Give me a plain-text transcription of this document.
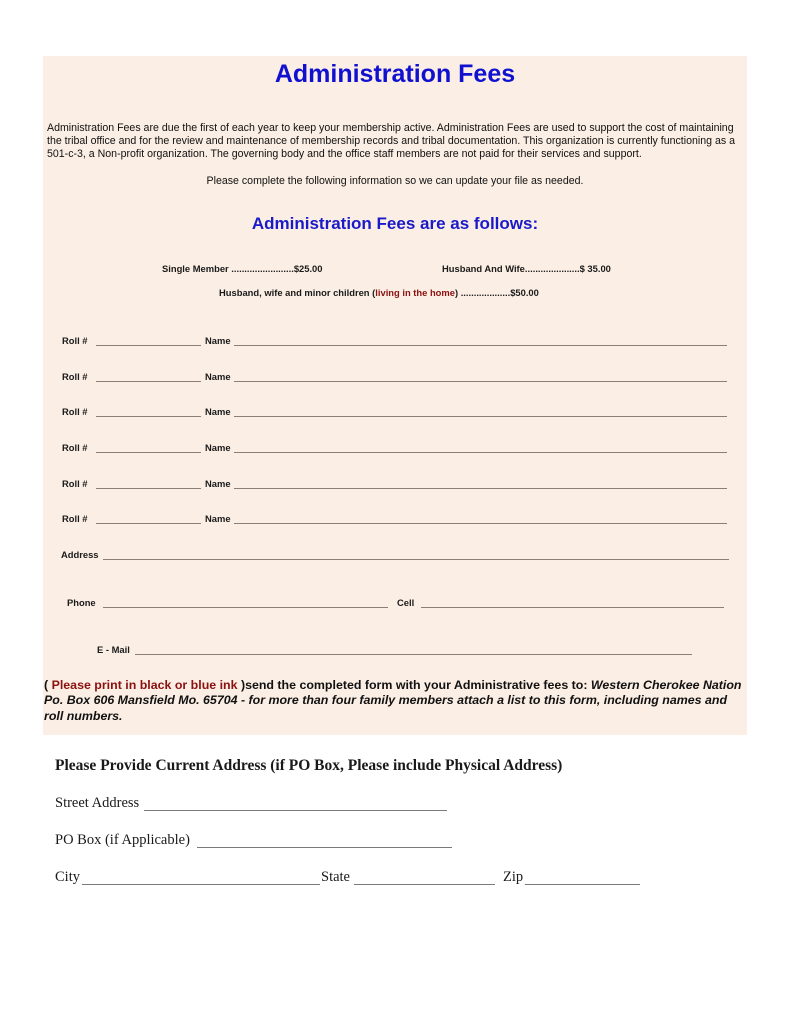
Administration Fees
Administration Fees are due the first of each year to keep your membership active. Administration Fees are used to support the cost of maintaining the tribal office and for the review and maintenance of membership records and tribal documentation. This organization is currently functioning as a 501-c-3, a Non-profit organization. The governing body and the office staff members are not paid for their services and support.
Please complete the following information so we can update your file as needed.
Administration Fees are as follows:
Single Member ........................$25.00	Husband And Wife.....................$ 35.00
Husband, wife and minor children (living in the home) ...................$50.00
Roll #	Name
Roll #	Name
Roll #	Name
Roll #	Name
Roll #	Name
Roll #	Name
Address
Phone	Cell
E - Mail
( Please print in black or blue ink )send the completed form with your Administrative fees to: Western Cherokee Nation Po. Box 606 Mansfield Mo. 65704 - for more than four family members attach a list to this form, including names and roll numbers.
Please Provide Current Address (if PO Box, Please include Physical Address)
Street Address
PO Box (if Applicable)
City	State	Zip
